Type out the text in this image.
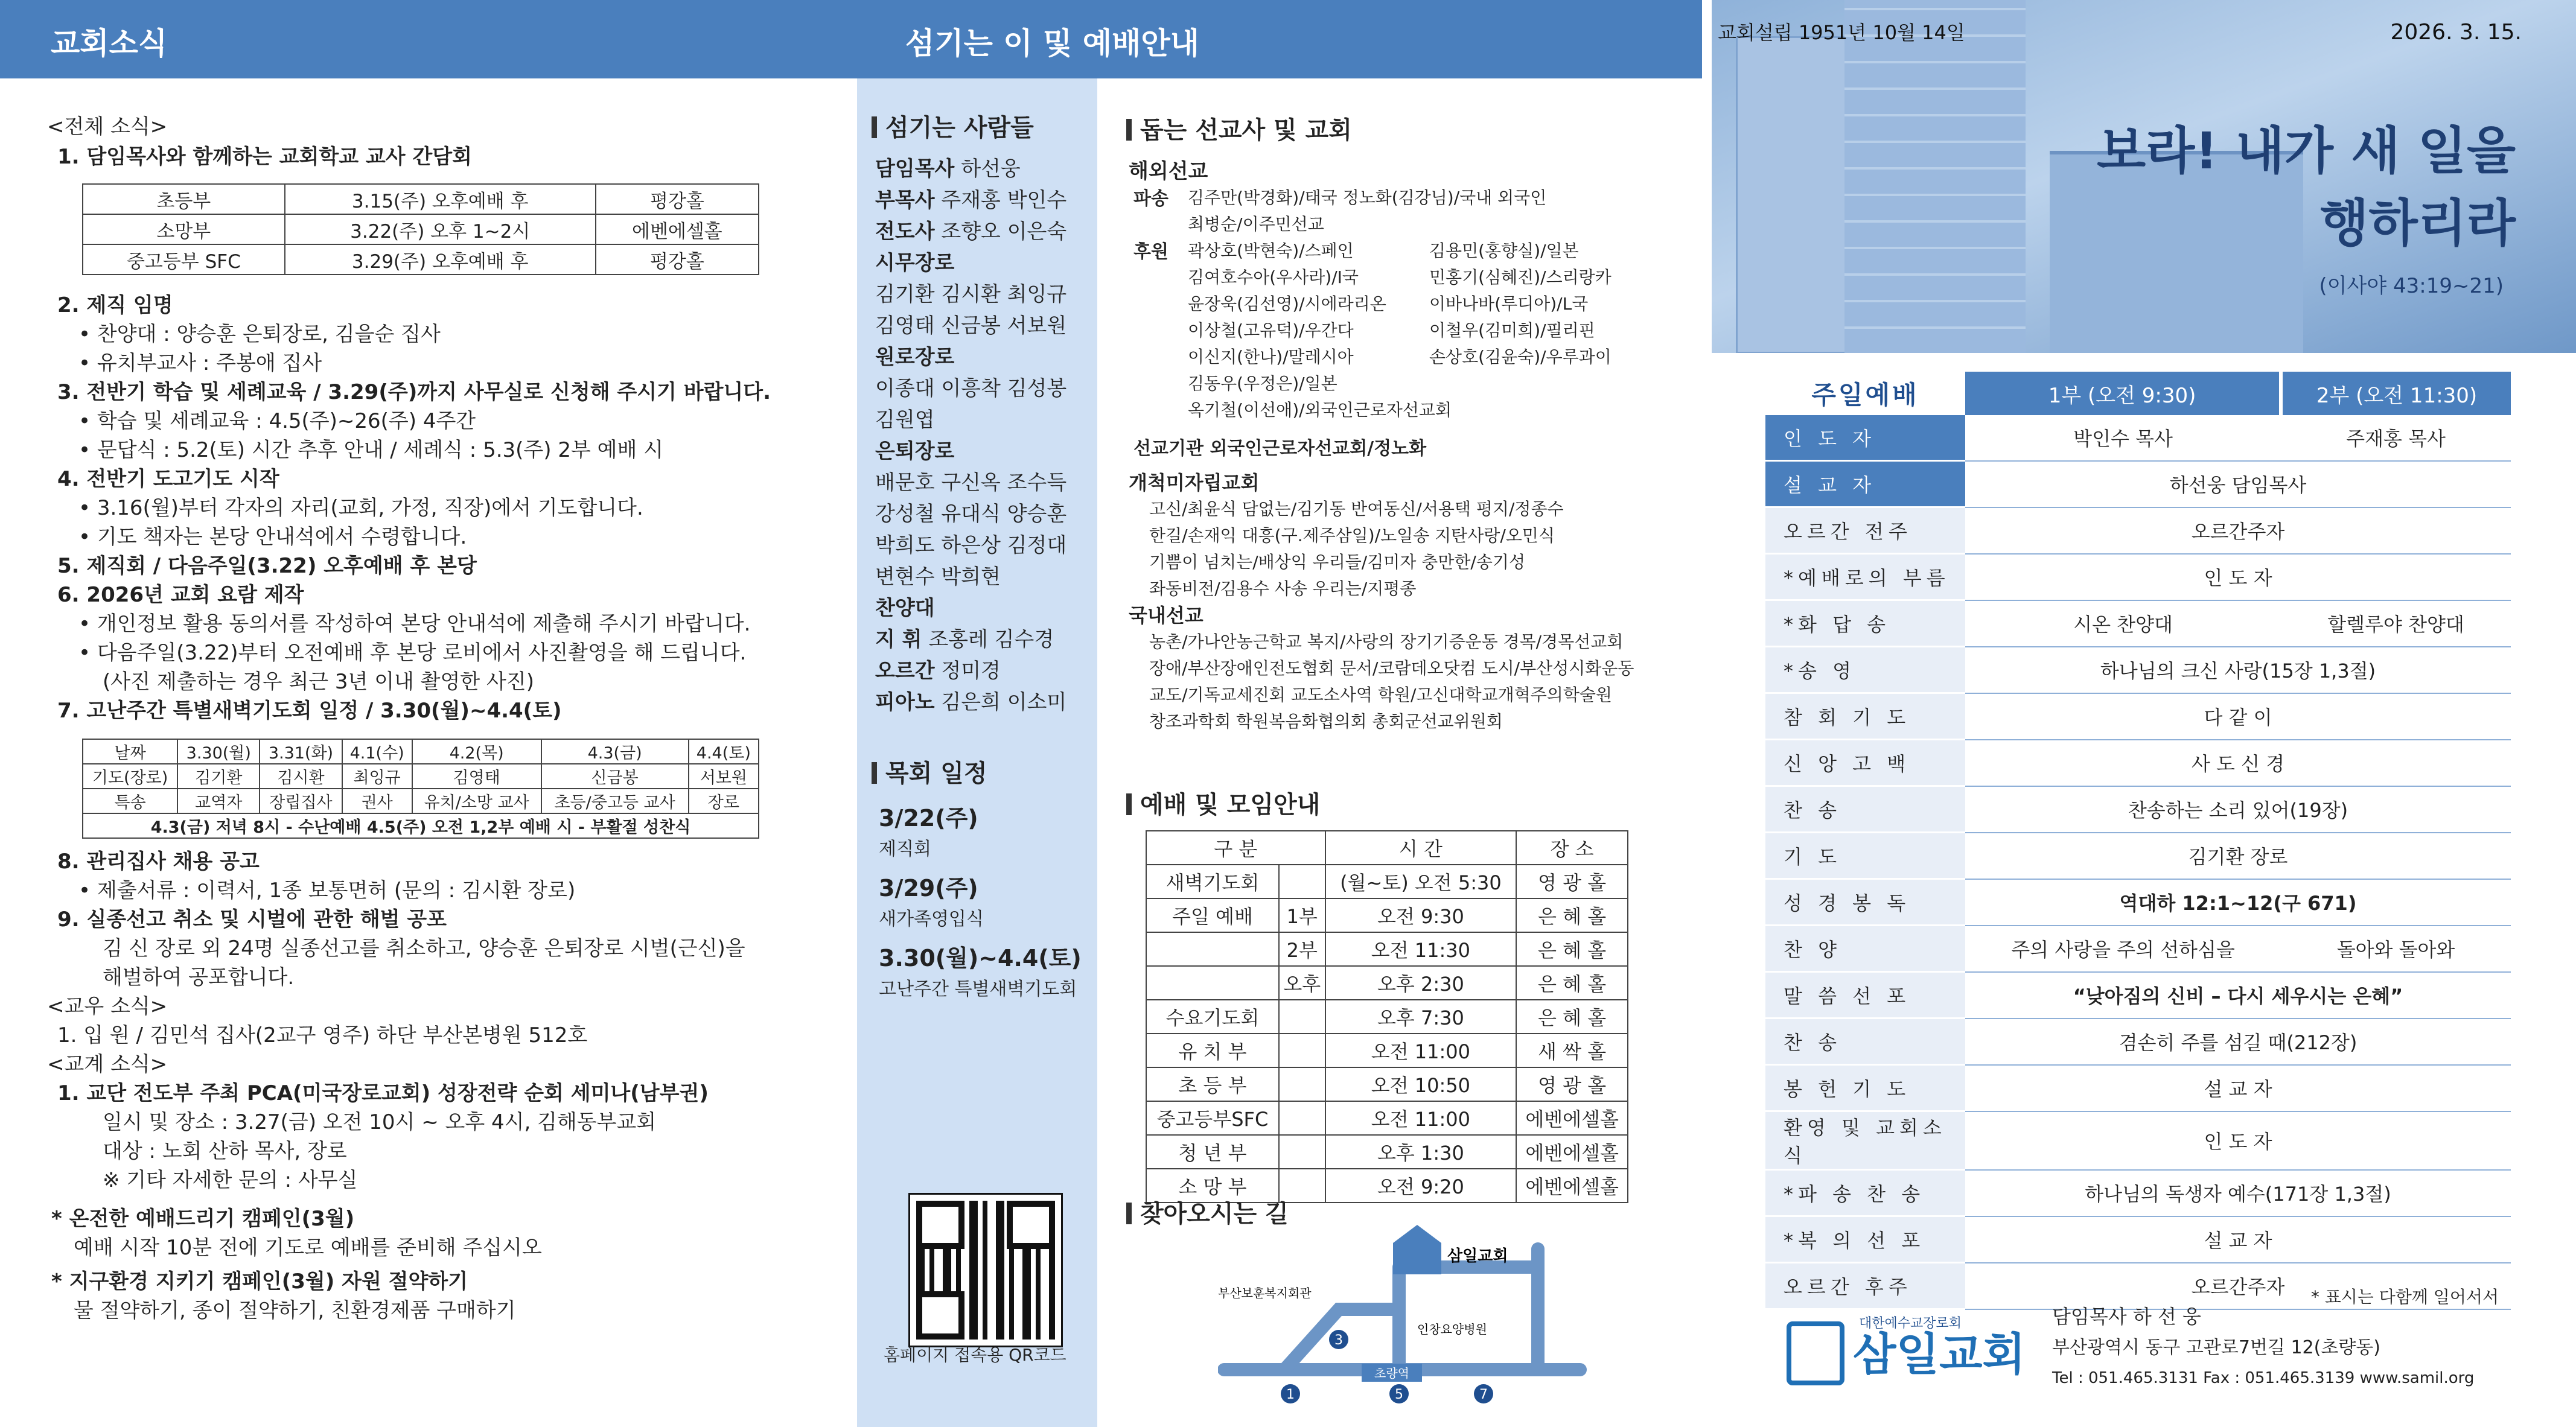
교회소식	섬기는 이 및 예배안내	교회설립 1951년 10월 14일	2026. 3. 15.
보라! 내가 새 일을
행하리라
(이사야 43:19~21)
<전체 소식>
1. 담임목사와 함께하는 교회학교 교사 간담회
초등부	3.15(주) 오후예배 후	평강홀
소망부	3.22(주) 오후 1~2시	에벤에셀홀
중고등부 SFC	3.29(주) 오후예배 후	평강홀
2. 제직 임명
• 찬양대 : 양승훈 은퇴장로, 김을순 집사
• 유치부교사 : 주봉애 집사
3. 전반기 학습 및 세례교육 / 3.29(주)까지 사무실로 신청해 주시기 바랍니다.
• 학습 및 세례교육 : 4.5(주)~26(주) 4주간
• 문답식 : 5.2(토) 시간 추후 안내 / 세례식 : 5.3(주) 2부 예배 시
4. 전반기 도고기도 시작
• 3.16(월)부터 각자의 자리(교회, 가정, 직장)에서 기도합니다.
• 기도 책자는 본당 안내석에서 수령합니다.
5. 제직회 / 다음주일(3.22) 오후예배 후 본당
6. 2026년 교회 요람 제작
• 개인정보 활용 동의서를 작성하여 본당 안내석에 제출해 주시기 바랍니다.
• 다음주일(3.22)부터 오전예배 후 본당 로비에서 사진촬영을 해 드립니다.
(사진 제출하는 경우 최근 3년 이내 촬영한 사진)
7. 고난주간 특별새벽기도회 일정 / 3.30(월)~4.4(토)
날짜	3.30(월)	3.31(화)	4.1(수)	4.2(목)	4.3(금)	4.4(토)
기도(장로)	김기환	김시환	최잉규	김영태	신금봉	서보원
특송	교역자	장립집사	권사	유치/소망 교사	초등/중고등 교사	장로
4.3(금) 저녁 8시 - 수난예배 4.5(주) 오전 1,2부 예배 시 - 부활절 성찬식						
8. 관리집사 채용 공고
• 제출서류 : 이력서, 1종 보통면허 (문의 : 김시환 장로)
9. 실종선고 취소 및 시벌에 관한 해벌 공포
김 신 장로 외 24명 실종선고를 취소하고, 양승훈 은퇴장로 시벌(근신)을
해벌하여 공포합니다.
<교우 소식>
1. 입 원 / 김민석 집사(2교구 영주) 하단 부산본병원 512호
<교계 소식>
1. 교단 전도부 주최 PCA(미국장로교회) 성장전략 순회 세미나(남부권)
일시 및 장소 : 3.27(금) 오전 10시 ~ 오후 4시, 김해동부교회
대상 : 노회 산하 목사, 장로
※ 기타 자세한 문의 : 사무실
* 온전한 예배드리기 캠페인(3월)
예배 시작 10분 전에 기도로 예배를 준비해 주십시오
* 지구환경 지키기 캠페인(3월) 자원 절약하기
물 절약하기, 종이 절약하기, 친환경제품 구매하기
섬기는 사람들
담임목사 하선웅
부목사 주재홍 박인수
전도사 조향오 이은숙
시무장로
김기환 김시환 최잉규
김영태 신금봉 서보원
원로장로
이종대 이흥착 김성봉
김원엽
은퇴장로
배문호 구신옥 조수득
강성철 유대식 양승훈
박희도 하은상 김정대
변현수 박희현
찬양대
지 휘 조홍레 김수경
오르간 정미경
피아노 김은희 이소미
목회 일정
3/22(주)
제직회
3/29(주)
새가족영입식
3.30(월)~4.4(토)
고난주간 특별새벽기도회
홈페이지 접속용 QR코드
돕는 선교사 및 교회
해외선교
파송 김주만(박경화)/태국 정노화(김강님)/국내 외국인
최병순/이주민선교
후원 곽상호(박현숙)/스페인	김용민(홍향실)/일본
김여호수아(우사라)/I국	민홍기(심혜진)/스리랑카
윤장욱(김선영)/시에라리온	이바나바(루디아)/L국
이상철(고유덕)/우간다	이철우(김미희)/필리핀
이신지(한나)/말레시아	손상호(김윤숙)/우루과이
김동우(우정은)/일본
옥기철(이선애)/외국인근로자선교회
선교기관 외국인근로자선교회/정노화
개척미자립교회
고신/최윤식 담없는/김기동 반여동신/서용택 평지/정종수
한길/손재익 대흥(구.제주삼일)/노일송 지탄사랑/오민식
기쁨이 넘치는/배상익 우리들/김미자 충만한/송기성
좌동비전/김용수 사송 우리는/지평종
국내선교
농촌/가나안농근학교 복지/사랑의 장기기증운동 경목/경목선교회
장애/부산장애인전도협회 문서/코람데오닷컴 도시/부산성시화운동
교도/기독교세진회 교도소사역 학원/고신대학교개혁주의학술원
창조과학회 학원복음화협의회 총회군선교위원회
예배 및 모임안내
구 분		시 간	장 소
새벽기도회		(월~토) 오전 5:30	영 광 홀
주일 예배	1부	오전 9:30	은 혜 홀
	2부	오전 11:30	은 혜 홀
	오후	오후 2:30	은 혜 홀
수요기도회		오후 7:30	은 혜 홀
유 치 부		오전 11:00	새 싹 홀
초 등 부		오전 10:50	영 광 홀
중고등부SFC		오전 11:00	에벤에셀홀
청 년 부		오후 1:30	에벤에셀홀
소 망 부		오전 9:20	에벤에셀홀
찾아오시는 길
1
3
5	7
삼일교회
부산보훈복지회관
인창요양병원
초량역
주일예배	1부 (오전 9:30)	2부 (오전 11:30)
인 도 자	박인수 목사	주재홍 목사
설 교 자	하선웅 담임목사	
오르간 전주	오르간주자	
*예배로의 부름	인 도 자	
*화 답 송	시온 찬양대	할렐루야 찬양대
*송 영	하나님의 크신 사랑(15장 1,3절)	
참 회 기 도	다 같 이	
신 앙 고 백	사 도 신 경	
찬 송	찬송하는 소리 있어(19장)	
기 도	김기환 장로	
성 경 봉 독	역대하 12:1~12(구 671)	
찬 양	주의 사랑을 주의 선하심을	돌아와 돌아와
말 씀 선 포	“낮아짐의 신비 – 다시 세우시는 은혜”	
찬 송	겸손히 주를 섬길 때(212장)	
봉 헌 기 도	설 교 자	
환영 및 교회소식	인 도 자	
*파 송 찬 송	하나님의 독생자 예수(171장 1,3절)	
*복 의 선 포	설 교 자	
오르간 후주	오르간주자	* 표시는 다함께 일어서서
대한예수교장로회
삼일교회
담임목사 하 선 웅
부산광역시 동구 고관로7번길 12(초량동)
Tel : 051.465.3131 Fax : 051.465.3139 www.samil.org
